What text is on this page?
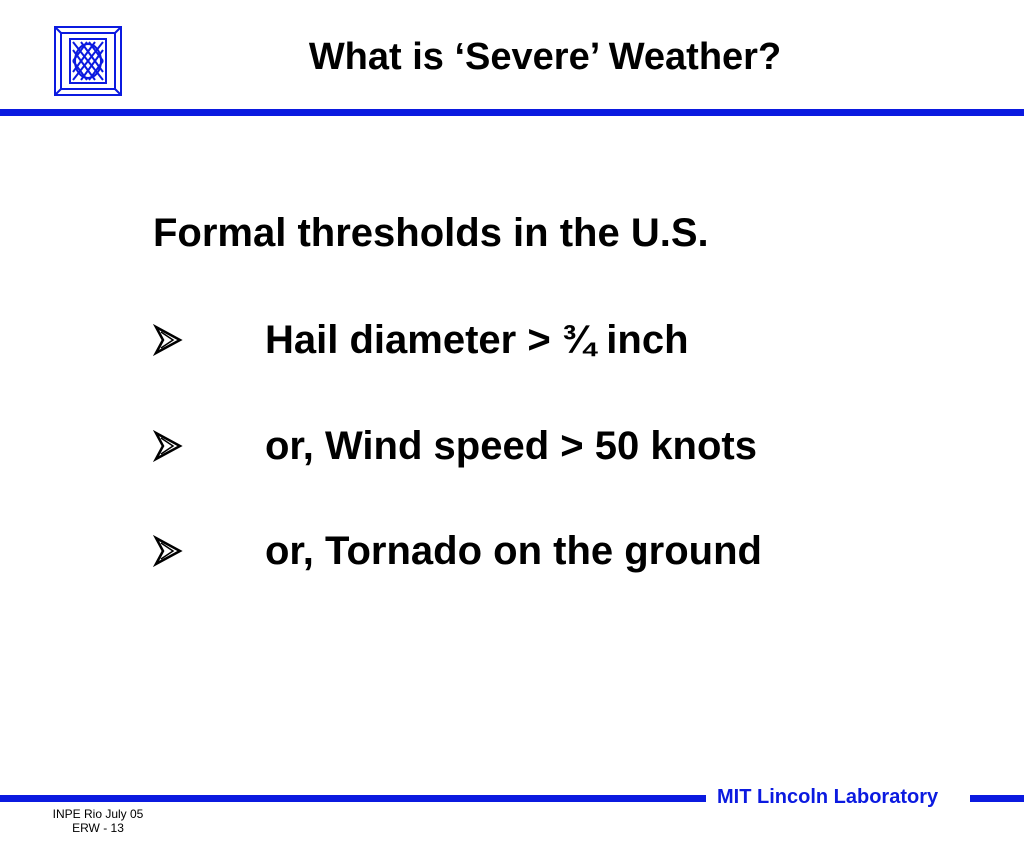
What is ‘Severe’ Weather?
Formal thresholds in the U.S.
Hail diameter > ¾ inch
or, Wind speed > 50 knots
or, Tornado on the ground
MIT Lincoln Laboratory
INPE Rio July 05
ERW - 13
